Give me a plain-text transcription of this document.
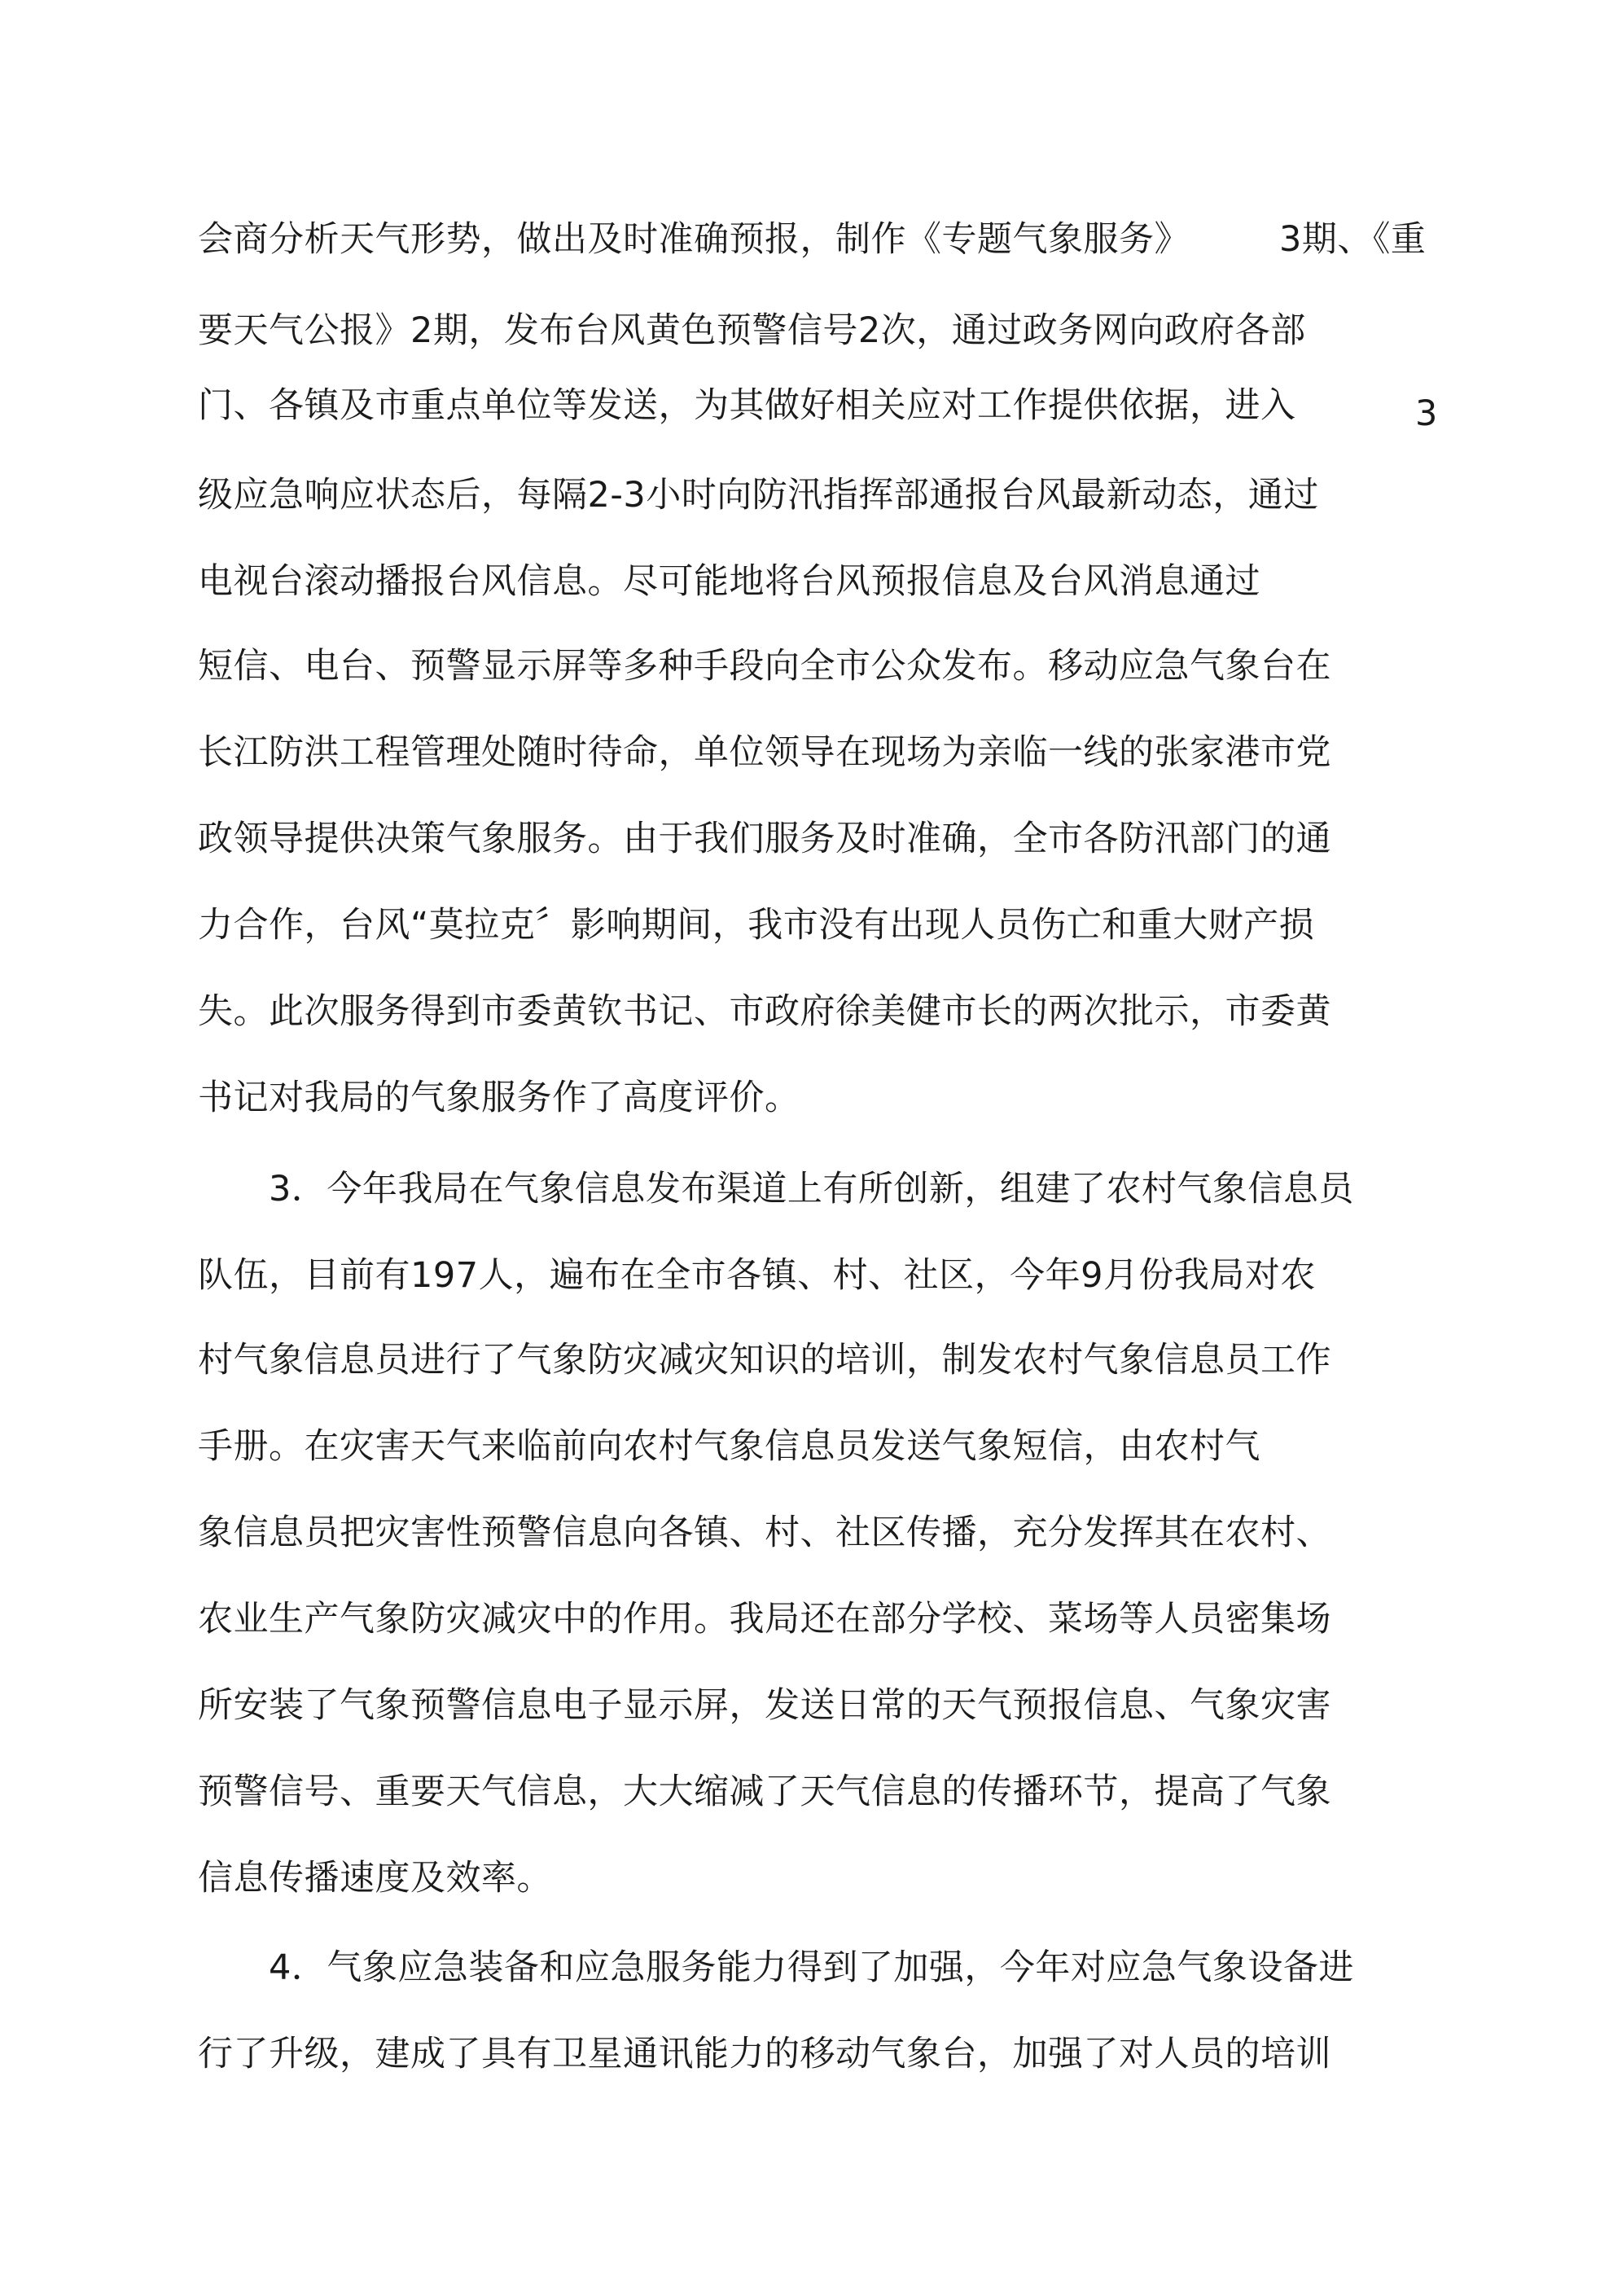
会商分析天气形势，做出及时准确预报，制作《专题气象服务》	3期、《重
要天气公报》2期，发布台风黄色预警信号2次，通过政务网向政府各部
门、各镇及市重点单位等发送，为其做好相关应对工作提供依据，进入	3
级应急响应状态后，每隔2-3小时向防汛指挥部通报台风最新动态，通过
电视台滚动播报台风信息。尽可能地将台风预报信息及台风消息通过
短信、电台、预警显示屏等多种手段向全市公众发布。移动应急气象台在
长江防洪工程管理处随时待命，单位领导在现场为亲临一线的张家港市党
政领导提供决策气象服务。由于我们服务及时准确，全市各防汛部门的通
力合作，台风“莫拉克〞影响期间，我市没有出现人员伤亡和重大财产损
失。此次服务得到市委黄钦书记、市政府徐美健市长的两次批示，市委黄
书记对我局的气象服务作了高度评价。
3．今年我局在气象信息发布渠道上有所创新，组建了农村气象信息员
队伍，目前有197人，遍布在全市各镇、村、社区，今年9月份我局对农
村气象信息员进行了气象防灾减灾知识的培训，制发农村气象信息员工作
手册。在灾害天气来临前向农村气象信息员发送气象短信，由农村气
象信息员把灾害性预警信息向各镇、村、社区传播，充分发挥其在农村、
农业生产气象防灾减灾中的作用。我局还在部分学校、菜场等人员密集场
所安装了气象预警信息电子显示屏，发送日常的天气预报信息、气象灾害
预警信号、重要天气信息，大大缩减了天气信息的传播环节，提高了气象
信息传播速度及效率。
4．气象应急装备和应急服务能力得到了加强，今年对应急气象设备进
行了升级，建成了具有卫星通讯能力的移动气象台，加强了对人员的培训
